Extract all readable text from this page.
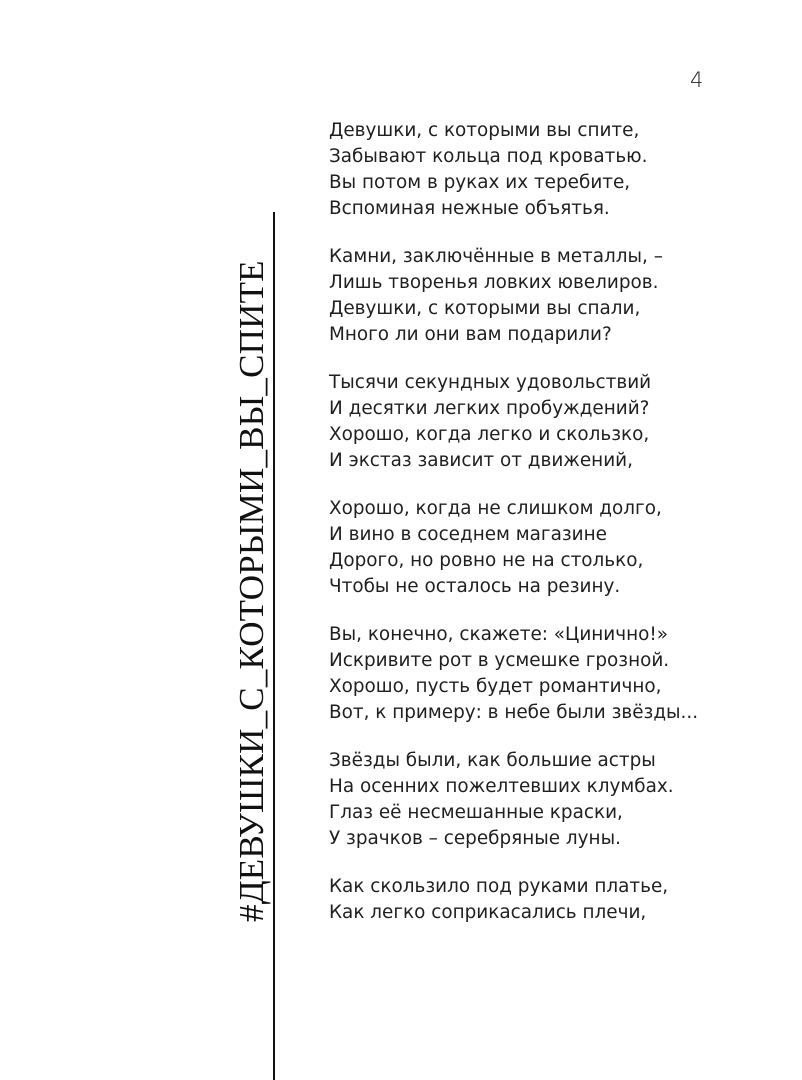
4
#ДЕВУШКИ_С_КОТОРЫМИ_ВЫ_СПИТЕ
Девушки, с которыми вы спите,
Забывают кольца под кроватью.
Вы потом в руках их теребите,
Вспоминая нежные объятья.
Камни, заключённые в металлы, –
Лишь творенья ловких ювелиров.
Девушки, с которыми вы спали,
Много ли они вам подарили?
Тысячи секундных удовольствий
И десятки легких пробуждений?
Хорошо, когда легко и скользко,
И экстаз зависит от движений,
Хорошо, когда не слишком долго,
И вино в соседнем магазине
Дорого, но ровно не на столько,
Чтобы не осталось на резину.
Вы, конечно, скажете: «Цинично!»
Искривите рот в усмешке грозной.
Хорошо, пусть будет романтично,
Вот, к примеру: в небе были звёзды...
Звёзды были, как большие астры
На осенних пожелтевших клумбах.
Глаз её несмешанные краски,
У зрачков – серебряные луны.
Как скользило под руками платье,
Как легко соприкасались плечи,
